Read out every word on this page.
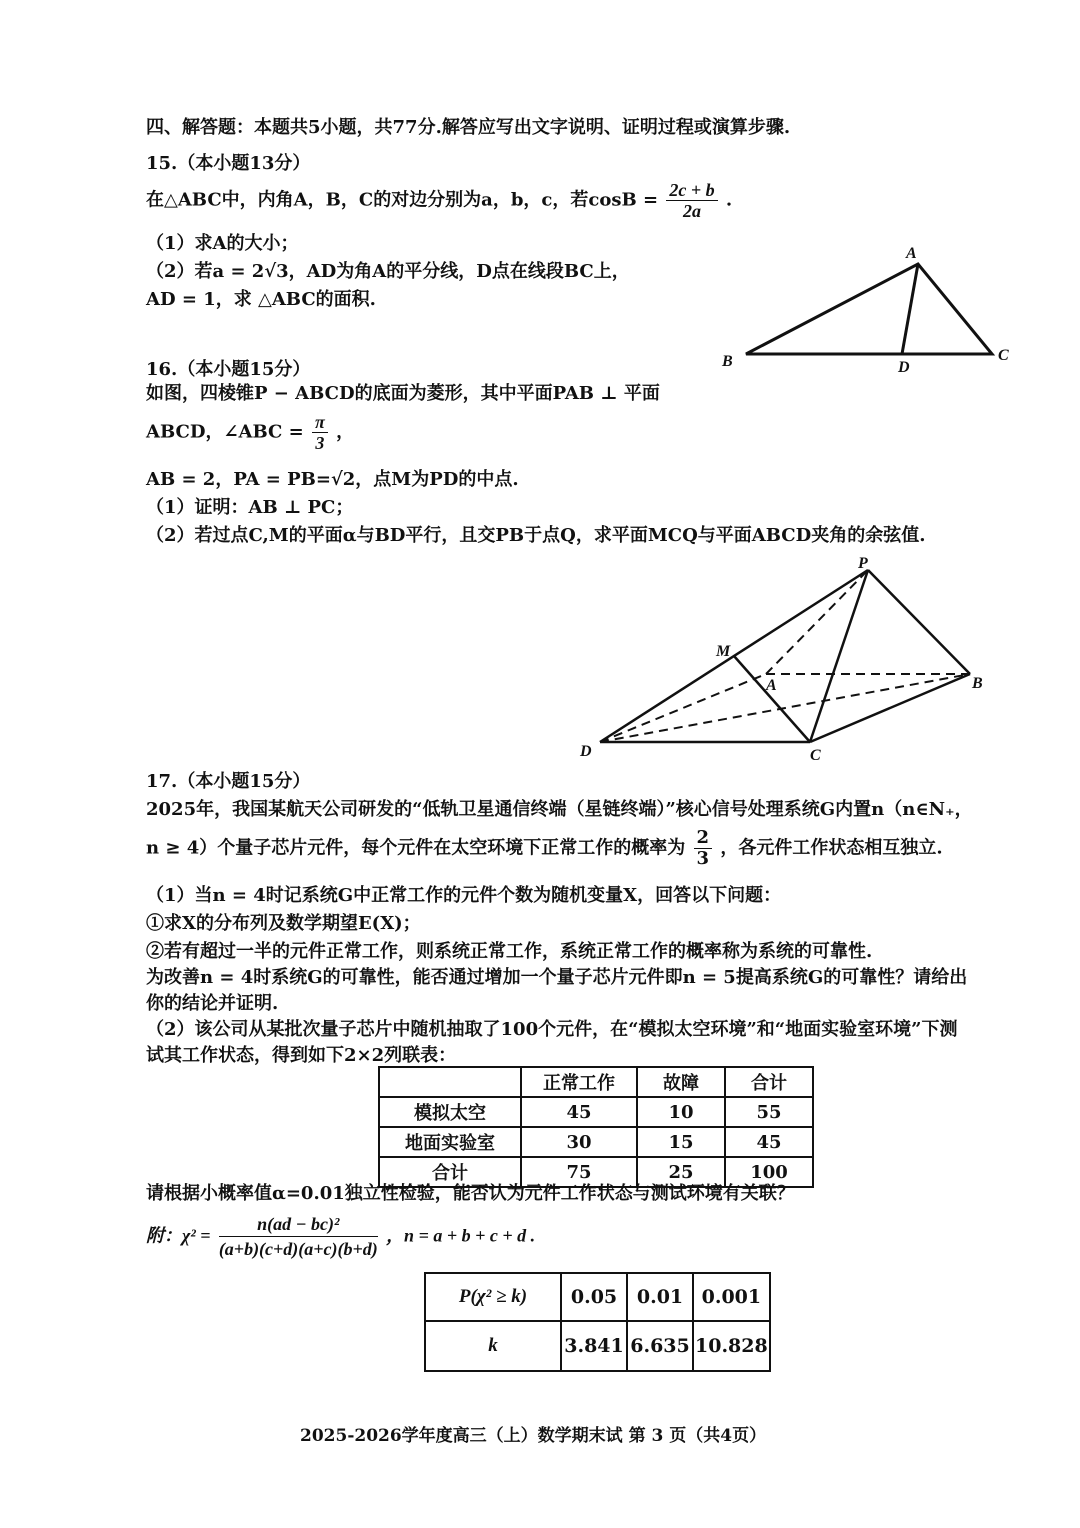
四、解答题：本题共5小题，共77分.解答应写出文字说明、证明过程或演算步骤.
15.（本小题13分）
在△ABC中，内角A，B，C的对边分别为a，b，c，若$\cos B = \frac{2c + b}{2a}$ .
（1）求A的大小；
（2）若a = 2√3，AD为角A的平分线，D点在线段BC上，
AD = 1，求 △ABC的面积.
A
B	D
C
16.（本小题15分）
如图，四棱锥P − ABCD的底面为菱形，其中平面PAB ⊥ 平面
ABCD，∠ABC = $\frac{\pi}{3}$ ，
AB = 2，PA = PB=√2，点M为PD的中点.
（1）证明：AB ⊥ PC；
（2）若过点C,M的平面α与BD平行，且交PB于点Q，求平面MCQ与平面ABCD夹角的余弦值.
P
M
A	B
D	C
17.（本小题15分）
2025年，我国某航天公司研发的“低轨卫星通信终端（星链终端）”核心信号处理系统G内置n（n∈N₊，
n ≥ 4）个量子芯片元件，每个元件在太空环境下正常工作的概率为 $\frac{2}{3}$ ，各元件工作状态相互独立.
（1）当n = 4时记系统G中正常工作的元件个数为随机变量X，回答以下问题：
①求X的分布列及数学期望E(X)；
②若有超过一半的元件正常工作，则系统正常工作，系统正常工作的概率称为系统的可靠性.
为改善n = 4时系统G的可靠性，能否通过增加一个量子芯片元件即n = 5提高系统G的可靠性？请给出
你的结论并证明.
（2）该公司从某批次量子芯片中随机抽取了100个元件，在“模拟太空环境”和“地面实验室环境”下测
试其工作状态，得到如下2×2列联表：
	正常工作	故障	合计
模拟太空	45	10	55
地面实验室	30	15	45
合计	75	25	100
请根据小概率值α=0.01独立性检验，能否认为元件工作状态与测试环境有关联？
附：$\chi^2 = \frac{\text{n(ad − bc)²}}{(a+b)(c+d)(a+c)(b+d)}$ ，n = a + b + c + d .
P(χ² ≥ k)	0.05	0.01	0.001
k	3.841	6.635	10.828
2025-2026学年度高三（上）数学期末试 第 3 页（共4页）
